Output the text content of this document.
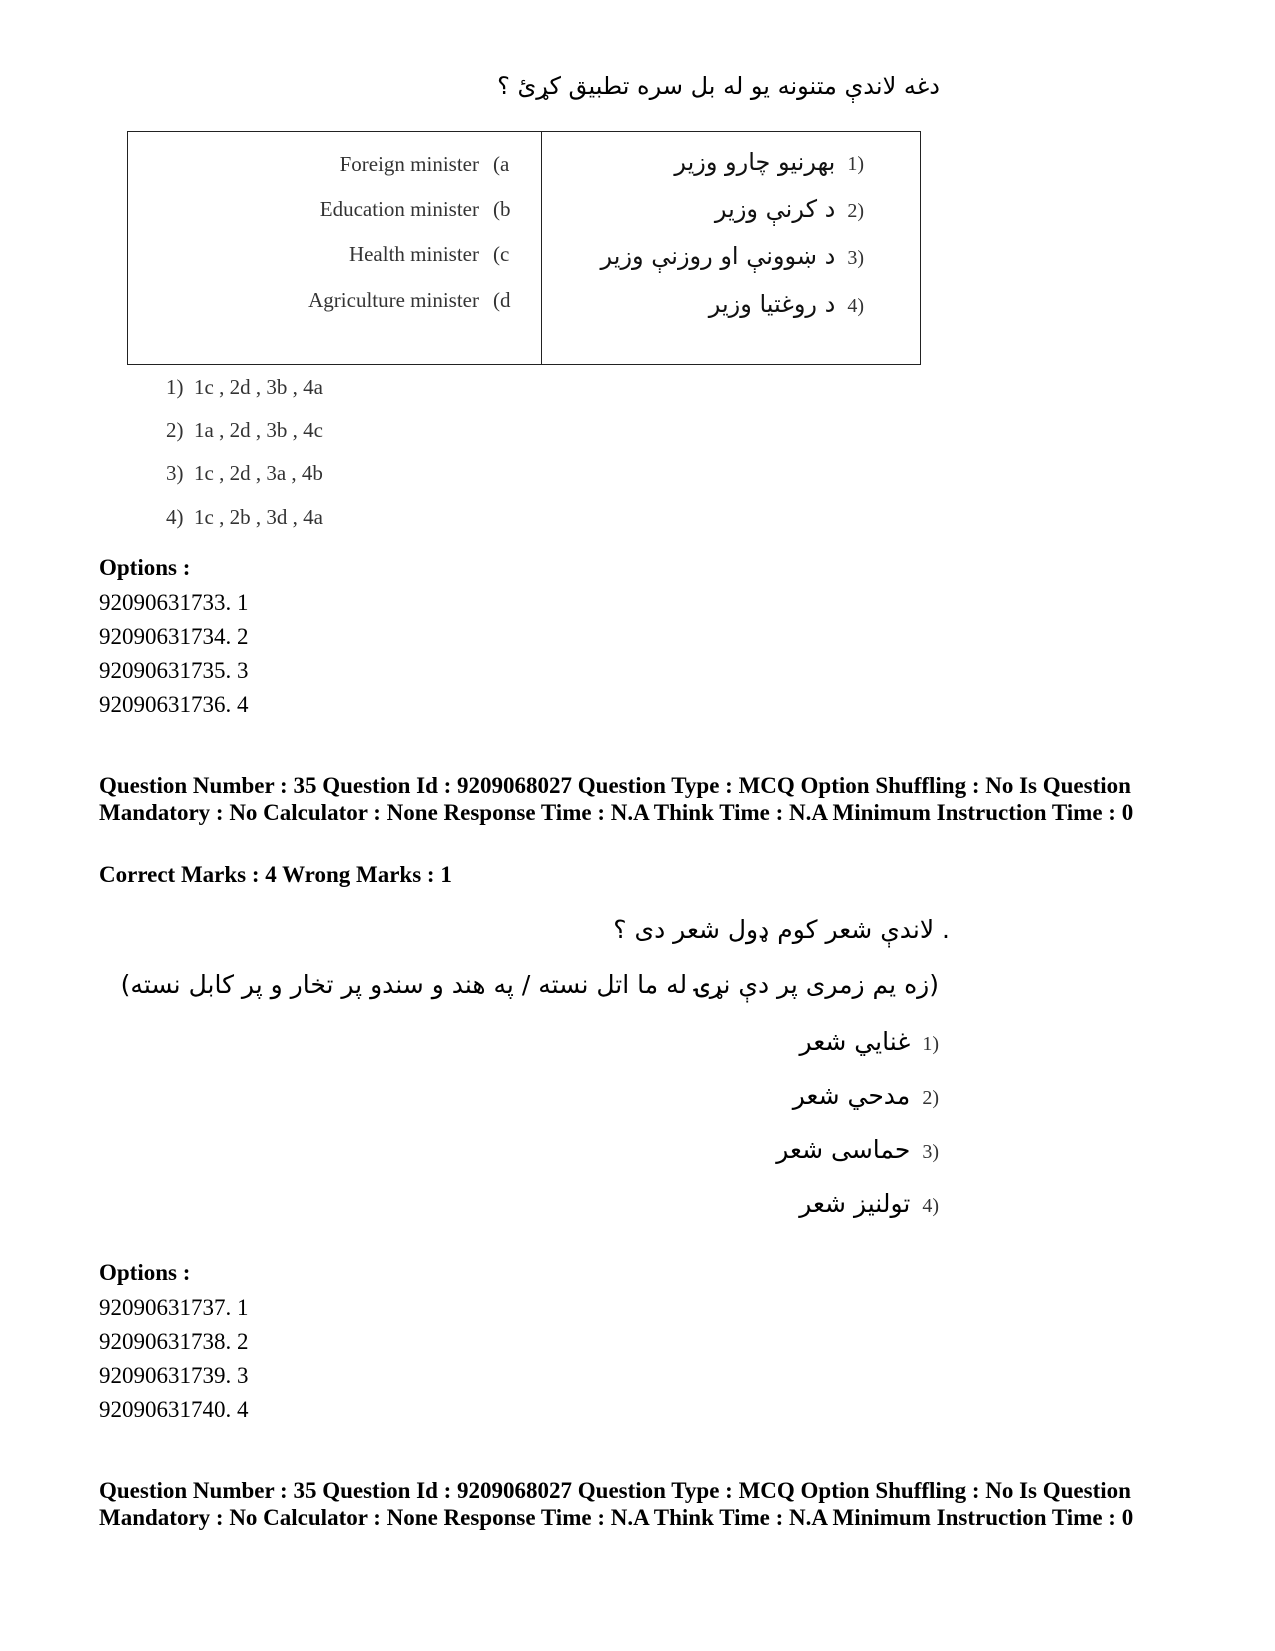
دغه لاندې متنونه یو له بل سره تطبیق کړئ ؟
Foreign minister (a
Education minister (b
Health minister (c
Agriculture minister (d
(1بهرنيو چارو وزير
(2د کرنې وزير
(3د ښوونې او روزنې وزير
(4د روغتيا وزير
1) 1c , 2d , 3b , 4a
2) 1a , 2d , 3b , 4c
3) 1c , 2d , 3a , 4b
4) 1c , 2b , 3d , 4a
Options :
92090631733. 1
92090631734. 2
92090631735. 3
92090631736. 4
Question Number : 35 Question Id : 9209068027 Question Type : MCQ Option Shuffling : No Is Question Mandatory : No Calculator : None Response Time : N.A Think Time : N.A Minimum Instruction Time : 0
Correct Marks : 4 Wrong Marks : 1
. لاندې شعر کوم ډول شعر دی ؟
(زه یم زمری پر دې نړۍ له ما اتل نسته / په هند و سندو پر تخار و پر کابل نسته)
(1غنايي شعر
(2مدحي شعر
(3حماسی شعر
(4تولنيز شعر
Options :
92090631737. 1
92090631738. 2
92090631739. 3
92090631740. 4
Question Number : 35 Question Id : 9209068027 Question Type : MCQ Option Shuffling : No Is Question Mandatory : No Calculator : None Response Time : N.A Think Time : N.A Minimum Instruction Time : 0
